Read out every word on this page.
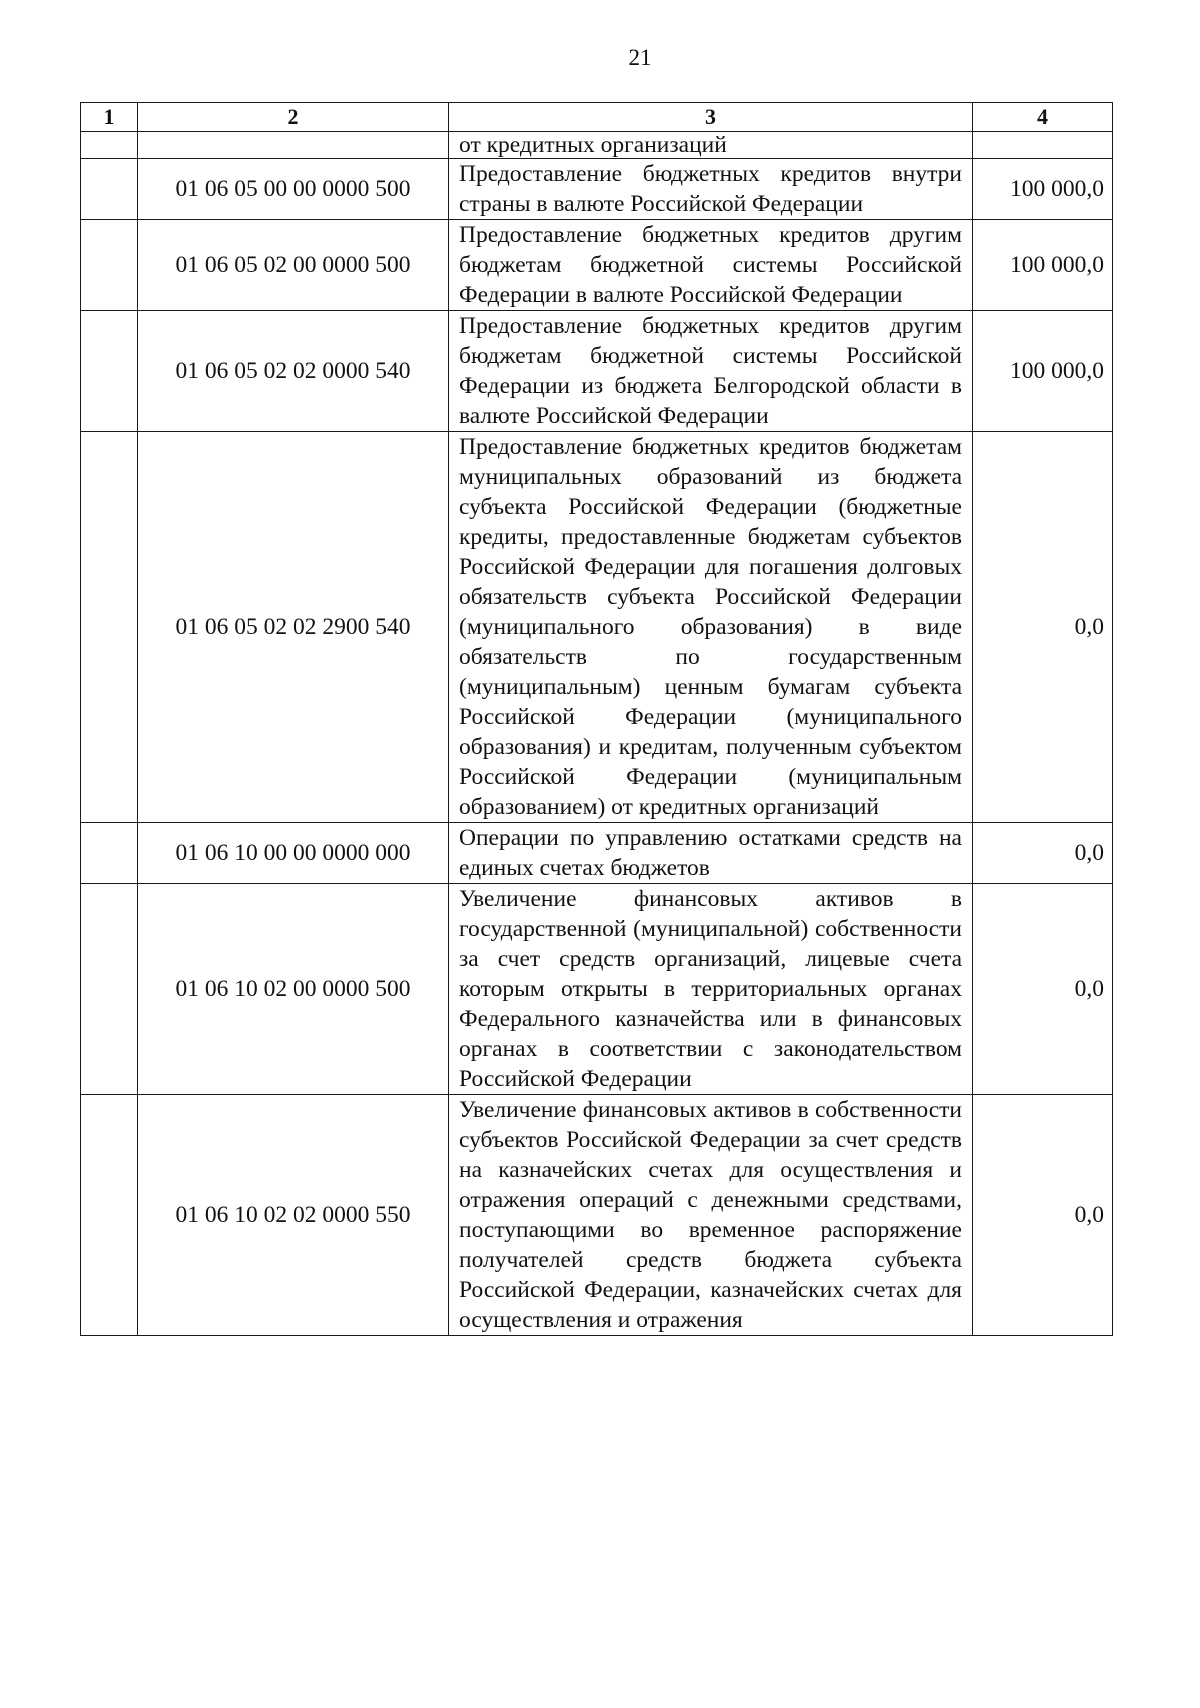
21
1	2	3	4
		от кредитных организаций	
	01 06 05 00 00 0000 500	Предоставление бюджетных кредитов внутри страны в валюте Российской Федерации	100 000,0
	01 06 05 02 00 0000 500	Предоставление бюджетных кредитов другим бюджетам бюджетной системы Российской Федерации в валюте Российской Федерации	100 000,0
	01 06 05 02 02 0000 540	Предоставление бюджетных кредитов другим бюджетам бюджетной системы Российской Федерации из бюджета Белгородской области в валюте Российской Федерации	100 000,0
	01 06 05 02 02 2900 540	Предоставление бюджетных кредитов бюджетам муниципальных образований из бюджета субъекта Российской Федерации (бюджетные кредиты, предоставленные бюджетам субъектов Российской Федерации для погашения долговых обязательств субъекта Российской Федерации (муниципального образования) в виде обязательств по государственным (муниципальным) ценным бумагам субъекта Российской Федерации (муниципального образования) и кредитам, полученным субъектом Российской Федерации (муниципальным образованием) от кредитных организаций	0,0
	01 06 10 00 00 0000 000	Операции по управлению остатками средств на единых счетах бюджетов	0,0
	01 06 10 02 00 0000 500	Увеличение финансовых активов в государственной (муниципальной) собственности за счет средств организаций, лицевые счета которым открыты в территориальных органах Федерального казначейства или в финансовых органах в соответствии с законодательством Российской Федерации	0,0
	01 06 10 02 02 0000 550	Увеличение финансовых активов в собственности субъектов Российской Федерации за счет средств на казначейских счетах для осуществления и отражения операций с денежными средствами, поступающими во временное распоряжение получателей средств бюджета субъекта Российской Федерации, казначейских счетах для осуществления и отражения	0,0
